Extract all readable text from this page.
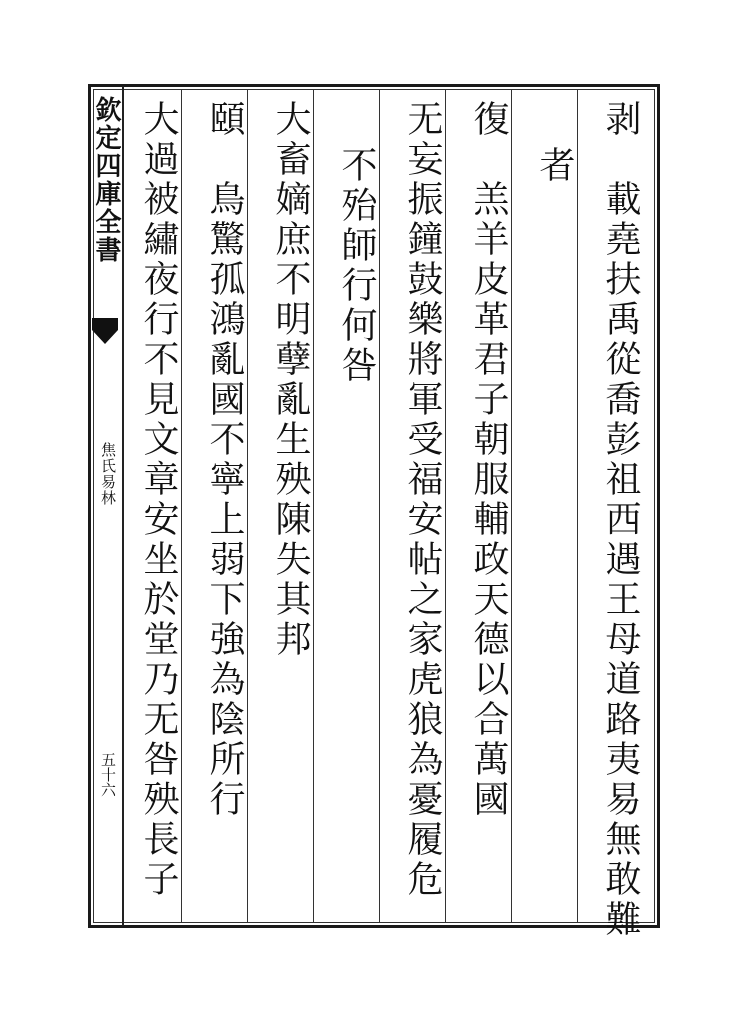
欽定四庫全書
焦氏易林
五十六
剥
載堯扶禹從喬彭祖西遇王母道路夷易無敢難
者
復
羔羊皮革君子朝服輔政天德以合萬國
无妄
振鐘鼓樂將軍受福安帖之家虎狼為憂履危
不殆師行何咎
大畜
嫡庶不明孽亂生殃陳失其邦
頤
鳥驚孤鴻亂國不寧上弱下強為陰所行
大過
被繡夜行不見文章安坐於堂乃无咎殃長子
